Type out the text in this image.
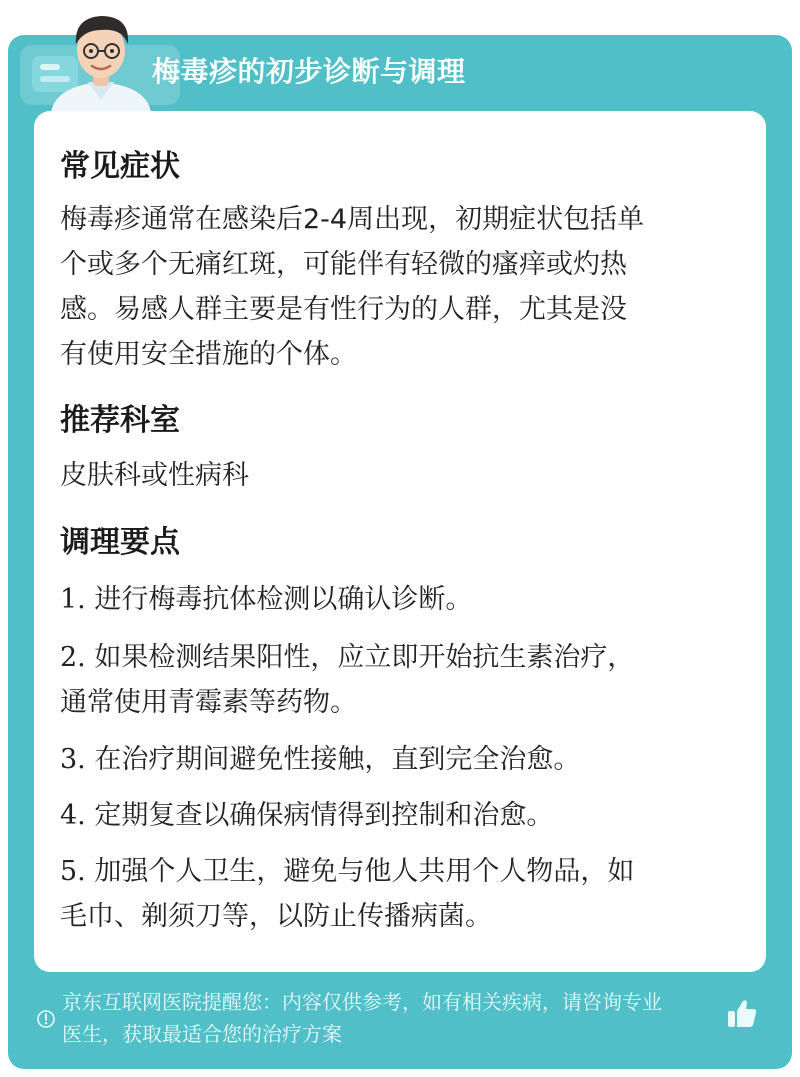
梅毒疹的初步诊断与调理
常见症状
梅毒疹通常在感染后2-4周出现，初期症状包括单
个或多个无痛红斑，可能伴有轻微的瘙痒或灼热
感。易感人群主要是有性行为的人群，尤其是没
有使用安全措施的个体。
推荐科室
皮肤科或性病科
调理要点
1. 进行梅毒抗体检测以确认诊断。
2. 如果检测结果阳性，应立即开始抗生素治疗，
通常使用青霉素等药物。
3. 在治疗期间避免性接触，直到完全治愈。
4. 定期复查以确保病情得到控制和治愈。
5. 加强个人卫生，避免与他人共用个人物品，如
毛巾、剃须刀等，以防止传播病菌。
京东互联网医院提醒您：内容仅供参考，如有相关疾病，请咨询专业
医生，获取最适合您的治疗方案
